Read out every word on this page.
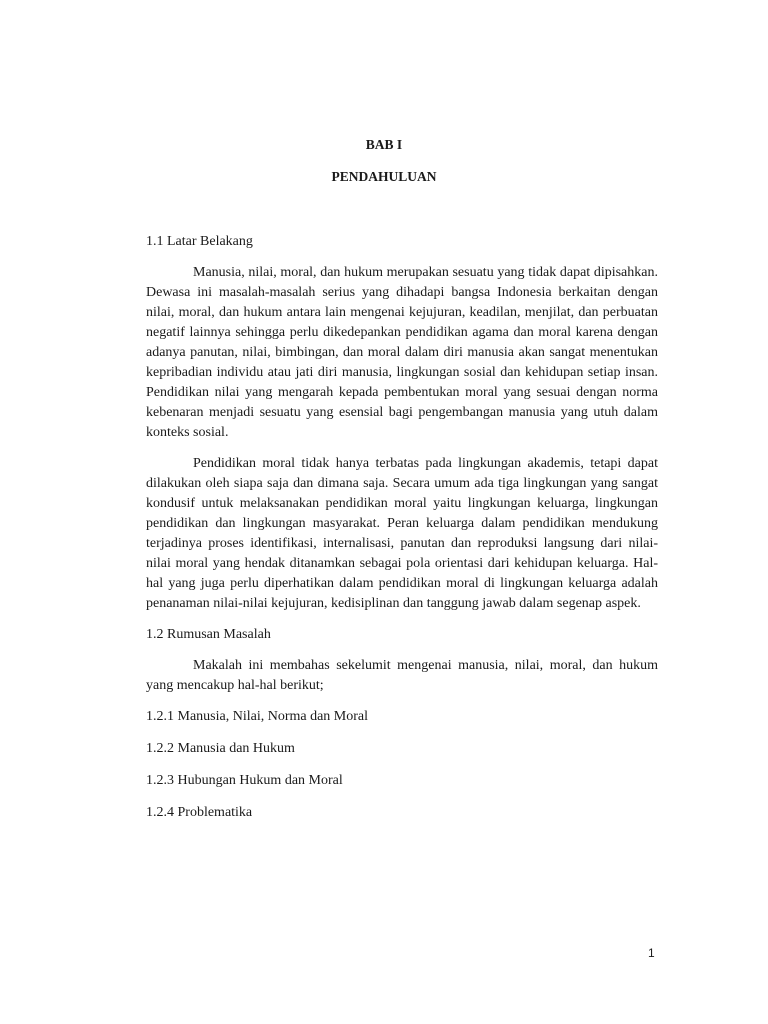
BAB I
PENDAHULUAN

1.1 Latar Belakang

Manusia, nilai, moral, dan hukum merupakan sesuatu yang tidak dapat dipisahkan. Dewasa ini masalah-masalah serius yang dihadapi bangsa Indonesia berkaitan dengan nilai, moral, dan hukum antara lain mengenai kejujuran, keadilan, menjilat, dan perbuatan negatif lainnya sehingga perlu dikedepankan pendidikan agama dan moral karena dengan adanya panutan, nilai, bimbingan, dan moral dalam diri manusia akan sangat menentukan kepribadian individu atau jati diri manusia, lingkungan sosial dan kehidupan setiap insan. Pendidikan nilai yang mengarah kepada pembentukan moral yang sesuai dengan norma kebenaran menjadi sesuatu yang esensial bagi pengembangan manusia yang utuh dalam konteks sosial.

Pendidikan moral tidak hanya terbatas pada lingkungan akademis, tetapi dapat dilakukan oleh siapa saja dan dimana saja. Secara umum ada tiga lingkungan yang sangat kondusif untuk melaksanakan pendidikan moral yaitu lingkungan keluarga, lingkungan pendidikan dan lingkungan masyarakat. Peran keluarga dalam pendidikan mendukung terjadinya proses identifikasi, internalisasi, panutan dan reproduksi langsung dari nilai-nilai moral yang hendak ditanamkan sebagai pola orientasi dari kehidupan keluarga. Hal-hal yang juga perlu diperhatikan dalam pendidikan moral di lingkungan keluarga adalah penanaman nilai-nilai kejujuran, kedisiplinan dan tanggung jawab dalam segenap aspek.

1.2 Rumusan Masalah

Makalah ini membahas sekelumit mengenai manusia, nilai, moral, dan hukum yang mencakup hal-hal berikut;

1.2.1 Manusia, Nilai, Norma dan Moral

1.2.2 Manusia dan Hukum

1.2.3 Hubungan Hukum dan Moral

1.2.4 Problematika

1
